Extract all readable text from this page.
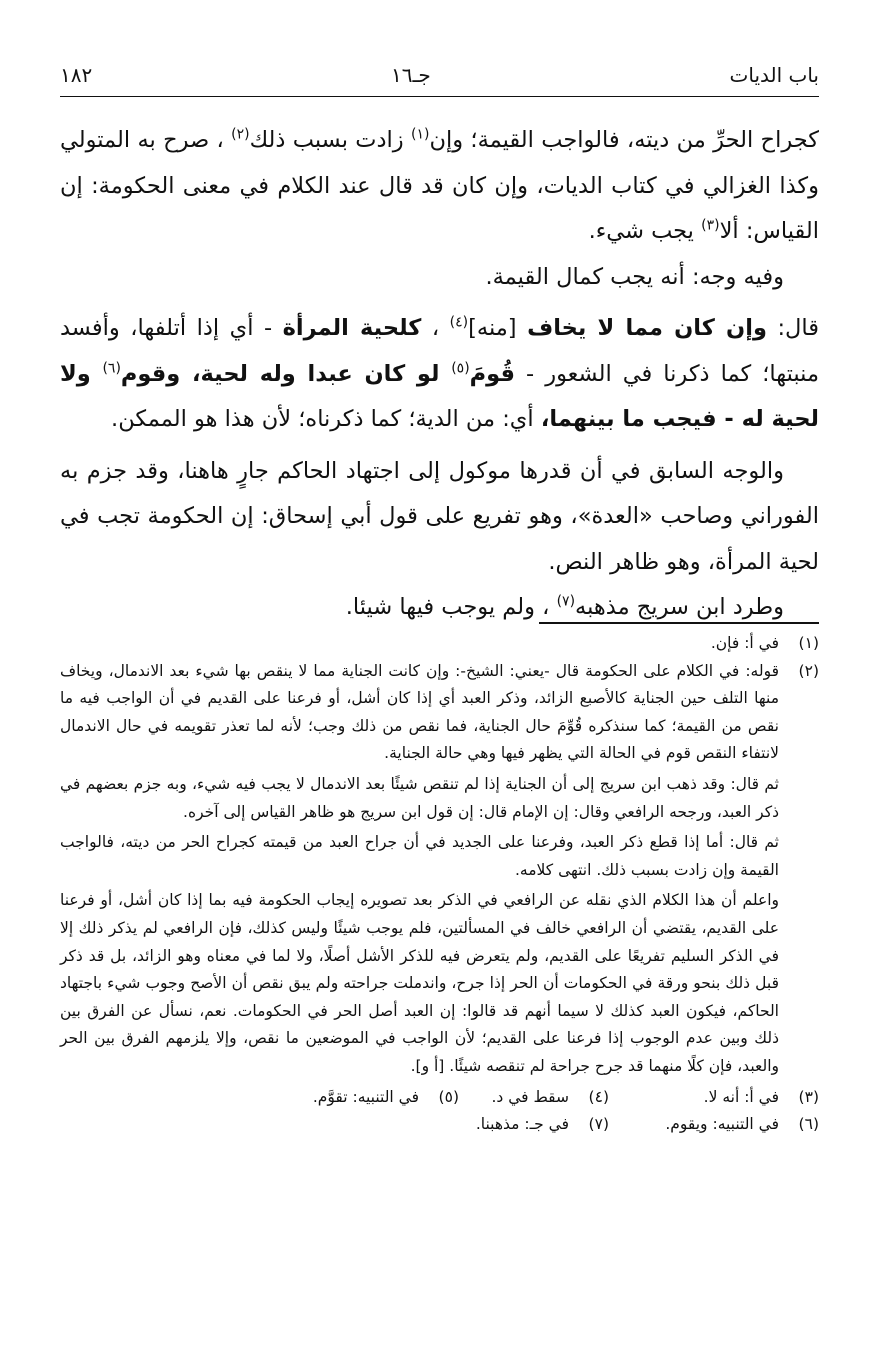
باب الديات
جـ١٦
١٨٢

كجراح الحرِّ من ديته، فالواجب القيمة؛ وإن$^{(١)}$ زادت بسبب ذلك$^{(٢)}$ ، صرح به المتولي وكذا الغزالي في كتاب الديات، وإن كان قد قال عند الكلام في معنى الحكومة: إن القياس: ألا$^{(٣)}$ يجب شيء.

وفيه وجه: أنه يجب كمال القيمة.

قال: وإن كان مما لا يخاف [منه]$^{(٤)}$ ، كلحية المرأة - أي إذا أتلفها، وأفسد منبتها؛ كما ذكرنا في الشعور - قُومَ$^{(٥)}$ لو كان عبدا وله لحية، وقوم$^{(٦)}$ ولا لحية له - فيجب ما بينهما، أي: من الدية؛ كما ذكرناه؛ لأن هذا هو الممكن.

والوجه السابق في أن قدرها موكول إلى اجتهاد الحاكم جارٍ هاهنا، وقد جزم به الفوراني وصاحب «العدة»، وهو تفريع على قول أبي إسحاق: إن الحكومة تجب في لحية المرأة، وهو ظاهر النص.

وطرد ابن سريج مذهبه$^{(٧)}$ ، ولم يوجب فيها شيئا.

(١)
في أ: فإن.
(٢)

قوله: في الكلام على الحكومة قال -يعني: الشيخ-: وإن كانت الجناية مما لا ينقص بها شيء بعد الاندمال، ويخاف منها التلف حين الجناية كالأصبع الزائد، وذكر العبد أي إذا كان أشل، أو فرعنا على القديم في أن الواجب فيه ما نقص من القيمة؛ كما سنذكره قُوِّمَ حال الجناية، فما نقص من ذلك وجب؛ لأنه لما تعذر تقويمه في حال الاندمال لانتفاء النقص قوم في الحالة التي يظهر فيها وهي حالة الجناية.

ثم قال: وقد ذهب ابن سريج إلى أن الجناية إذا لم تنقص شيئًا بعد الاندمال لا يجب فيه شيء، وبه جزم بعضهم في ذكر العبد، ورجحه الرافعي وقال: إن الإمام قال: إن قول ابن سريج هو ظاهر القياس إلى آخره.

ثم قال: أما إذا قطع ذكر العبد، وفرعنا على الجديد في أن جراح العبد من قيمته كجراح الحر من ديته، فالواجب القيمة وإن زادت بسبب ذلك. انتهى كلامه.

واعلم أن هذا الكلام الذي نقله عن الرافعي في الذكر بعد تصويره إيجاب الحكومة فيه بما إذا كان أشل، أو فرعنا على القديم، يقتضي أن الرافعي خالف في المسألتين، فلم يوجب شيئًا وليس كذلك، فإن الرافعي لم يذكر ذلك إلا في الذكر السليم تفريعًا على القديم، ولم يتعرض فيه للذكر الأشل أصلًا، ولا لما في معناه وهو الزائد، بل قد ذكر قبل ذلك بنحو ورقة في الحكومات أن الحر إذا جرح، واندملت جراحته ولم يبق نقص أن الأصح وجوب شيء باجتهاد الحاكم، فيكون العبد كذلك لا سيما أنهم قد قالوا: إن العبد أصل الحر في الحكومات. نعم، نسأل عن الفرق بين ذلك وبين عدم الوجوب إذا فرعنا على القديم؛ لأن الواجب في الموضعين ما نقص، وإلا يلزمهم الفرق بين الحر والعبد، فإن كلًا منهما قد جرح جراحة لم تنقصه شيئًا. [أ و].

(٣)
في أ: أنه لا.
(٤)
سقط في د.
(٥)
في التنبيه: تقوَّم.
(٦)
في التنبيه: ويقوم.
(٧)
في جـ: مذهبنا.
